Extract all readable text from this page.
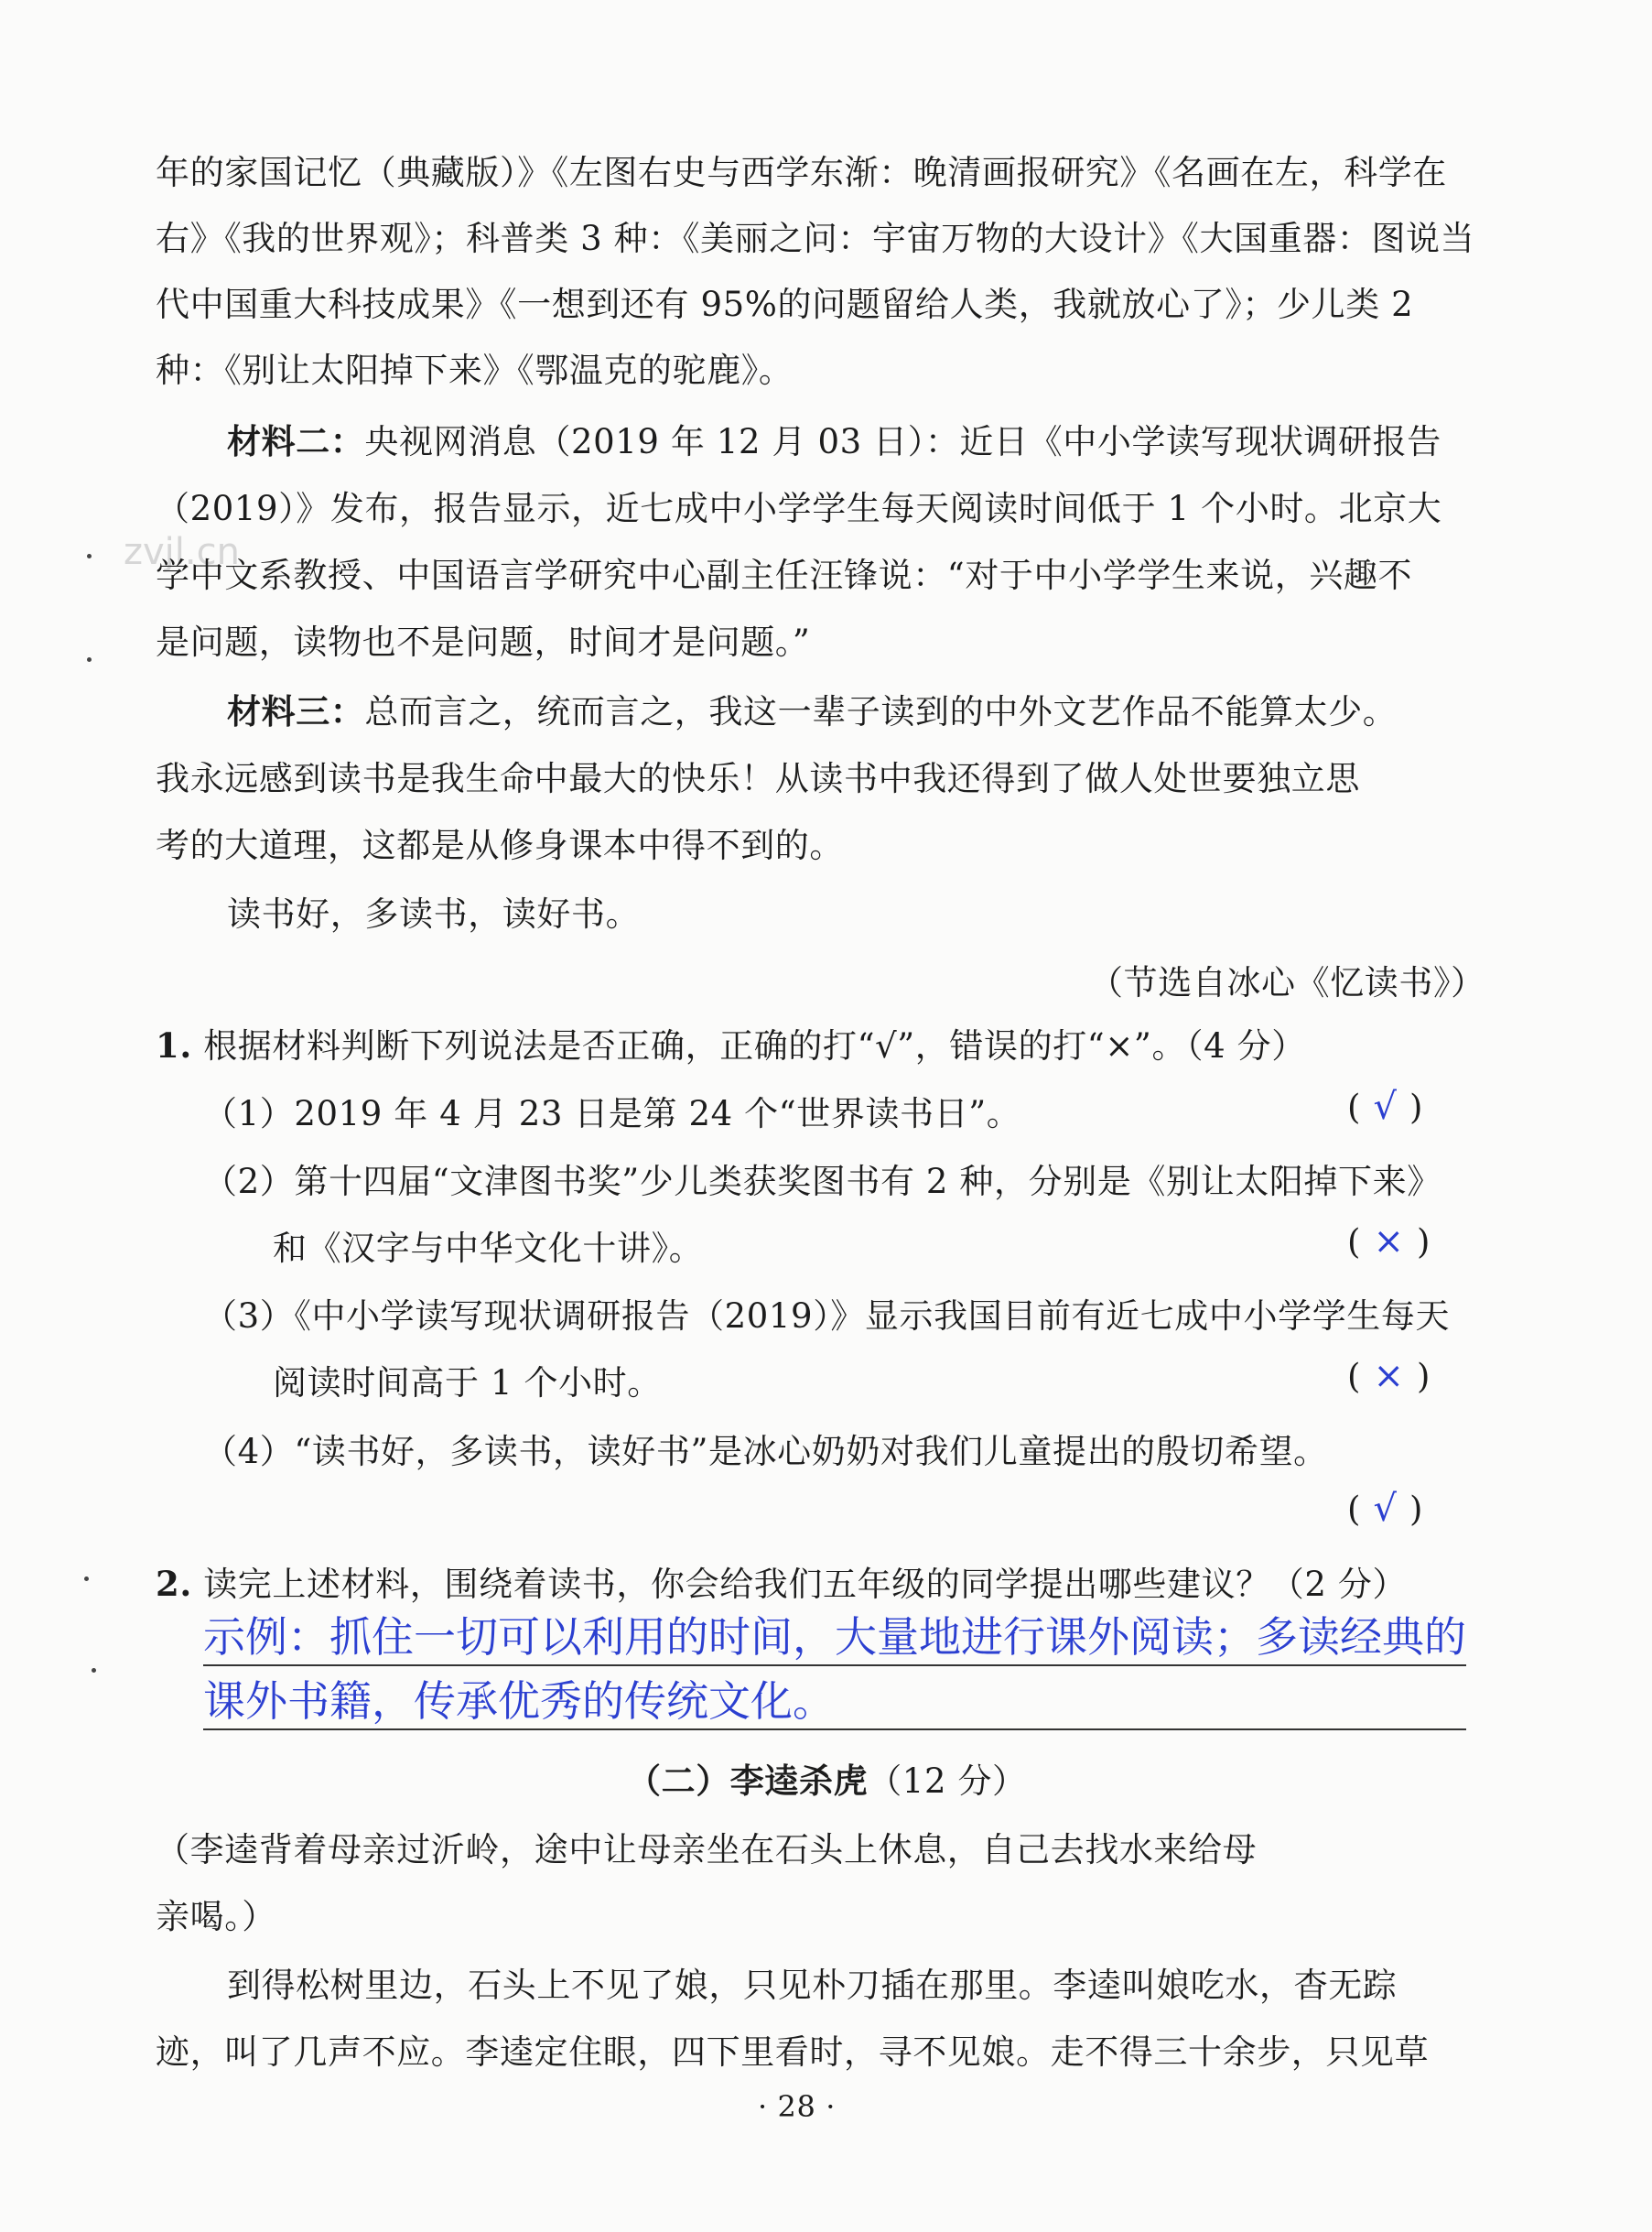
zvjl.cn
年的家国记忆（典藏版）》《左图右史与西学东渐：晚清画报研究》《名画在左，科学在
右》《我的世界观》；科普类 3 种：《美丽之问：宇宙万物的大设计》《大国重器：图说当
代中国重大科技成果》《一想到还有 95%的问题留给人类，我就放心了》；少儿类 2
种：《别让太阳掉下来》《鄂温克的驼鹿》。
材料二：央视网消息（2019 年 12 月 03 日）：近日《中小学读写现状调研报告
（2019）》发布，报告显示，近七成中小学学生每天阅读时间低于 1 个小时。北京大
学中文系教授、中国语言学研究中心副主任汪锋说：“对于中小学学生来说，兴趣不
是问题，读物也不是问题，时间才是问题。”
材料三：总而言之，统而言之，我这一辈子读到的中外文艺作品不能算太少。
我永远感到读书是我生命中最大的快乐！从读书中我还得到了做人处世要独立思
考的大道理，这都是从修身课本中得不到的。
读书好，多读书，读好书。
（节选自冰心《忆读书》）
1. 根据材料判断下列说法是否正确，正确的打“√”，错误的打“×”。（4 分）
（1）2019 年 4 月 23 日是第 24 个“世界读书日”。	( √ )
（2）第十四届“文津图书奖”少儿类获奖图书有 2 种，分别是《别让太阳掉下来》
和《汉字与中华文化十讲》。	( × )
（3）《中小学读写现状调研报告（2019）》显示我国目前有近七成中小学学生每天
阅读时间高于 1 个小时。	( × )
（4）“读书好，多读书，读好书”是冰心奶奶对我们儿童提出的殷切希望。
( √ )
2. 读完上述材料，围绕着读书，你会给我们五年级的同学提出哪些建议？（2 分）
示例：抓住一切可以利用的时间，大量地进行课外阅读；多读经典的
课外书籍，传承优秀的传统文化。
（二）李逵杀虎（12 分）
（李逵背着母亲过沂岭，途中让母亲坐在石头上休息，自己去找水来给母
亲喝。）
到得松树里边，石头上不见了娘，只见朴刀插在那里。李逵叫娘吃水，杳无踪
迹，叫了几声不应。李逵定住眼，四下里看时，寻不见娘。走不得三十余步，只见草
· 28 ·
